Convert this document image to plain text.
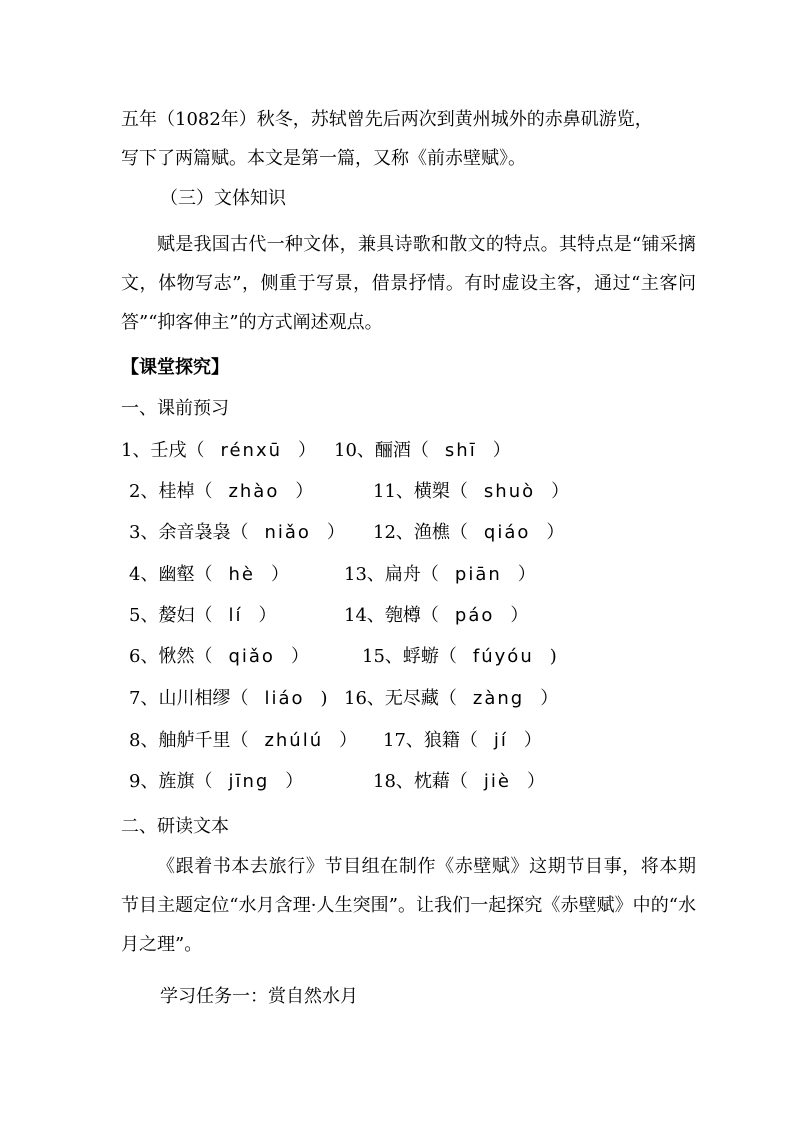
五年（1082年）秋冬，苏轼曾先后两次到黄州城外的赤鼻矶游览，
写下了两篇赋。本文是第一篇，又称《前赤壁赋》。
（三）文体知识
赋是我国古代一种文体，兼具诗歌和散文的特点。其特点是“铺采摛文，体物写志”，侧重于写景，借景抒情。有时虚设主客，通过“主客问答”“抑客伸主”的方式阐述观点。
【课堂探究】
一、课前预习
1、壬戌（ rénxū ） 10、酾酒（ shī ）
2、桂棹（ zhào ）	11、横槊（ shuò ）
3、余音袅袅（ niǎo ） 12、渔樵（ qiáo ）
4、幽壑（ hè ）	13、扁舟（ piān ）
5、嫠妇（ lí ）	14、匏樽（ páo ）
6、愀然（ qiǎo ）	15、蜉蝣（ fúyóu )
7、山川相缪（ liáo ) 16、无尽藏（ zàng ）
8、舳舻千里（ zhúlú ） 17、狼籍（ jí ）
9、旌旗（ jīng ）	18、枕藉（ jiè ）
二、研读文本
《跟着书本去旅行》节目组在制作《赤壁赋》这期节目事，将本期节目主题定位“水月含理·人生突围”。让我们一起探究《赤壁赋》中的“水月之理”。
学习任务一：赏自然水月
